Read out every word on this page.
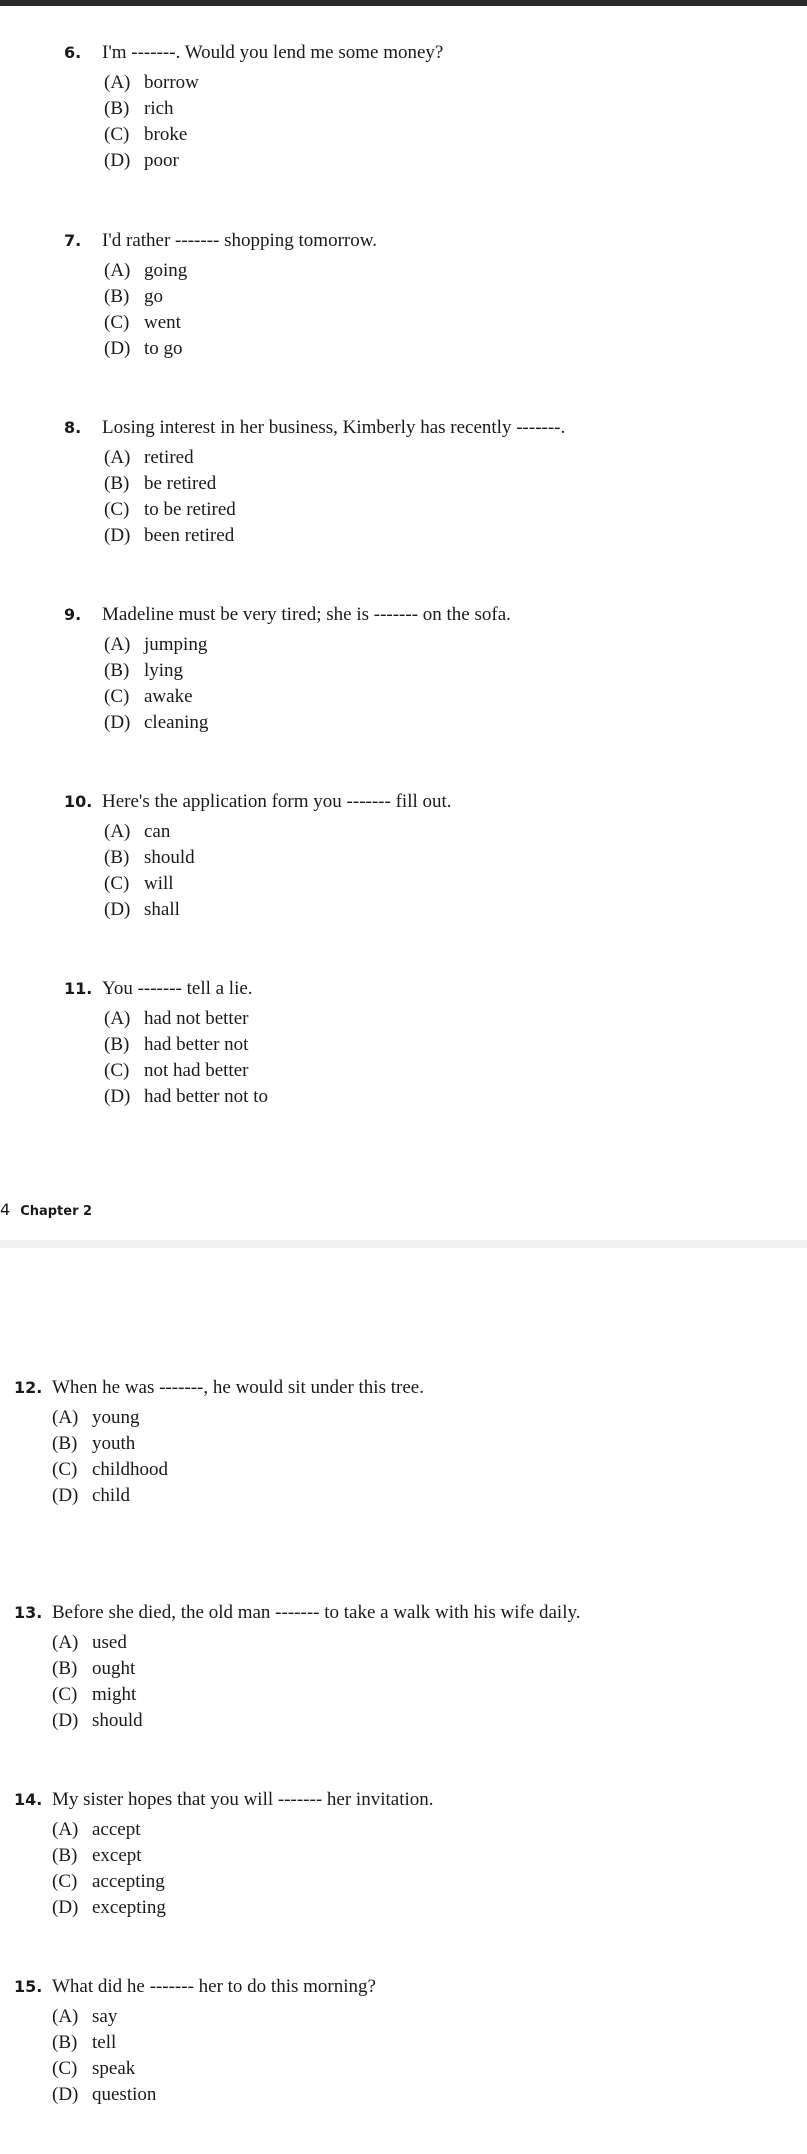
6. I'm -------. Would you lend me some money?
(A) borrow
(B) rich
(C) broke
(D) poor
7. I'd rather ------- shopping tomorrow.
(A) going
(B) go
(C) went
(D) to go
8. Losing interest in her business, Kimberly has recently -------.
(A) retired
(B) be retired
(C) to be retired
(D) been retired
9. Madeline must be very tired; she is ------- on the sofa.
(A) jumping
(B) lying
(C) awake
(D) cleaning
10. Here's the application form you ------- fill out.
(A) can
(B) should
(C) will
(D) shall
11. You ------- tell a lie.
(A) had not better
(B) had better not
(C) not had better
(D) had better not to
4 Chapter 2
12. When he was -------, he would sit under this tree.
(A) young
(B) youth
(C) childhood
(D) child
13. Before she died, the old man ------- to take a walk with his wife daily.
(A) used
(B) ought
(C) might
(D) should
14. My sister hopes that you will ------- her invitation.
(A) accept
(B) except
(C) accepting
(D) excepting
15. What did he ------- her to do this morning?
(A) say
(B) tell
(C) speak
(D) question
